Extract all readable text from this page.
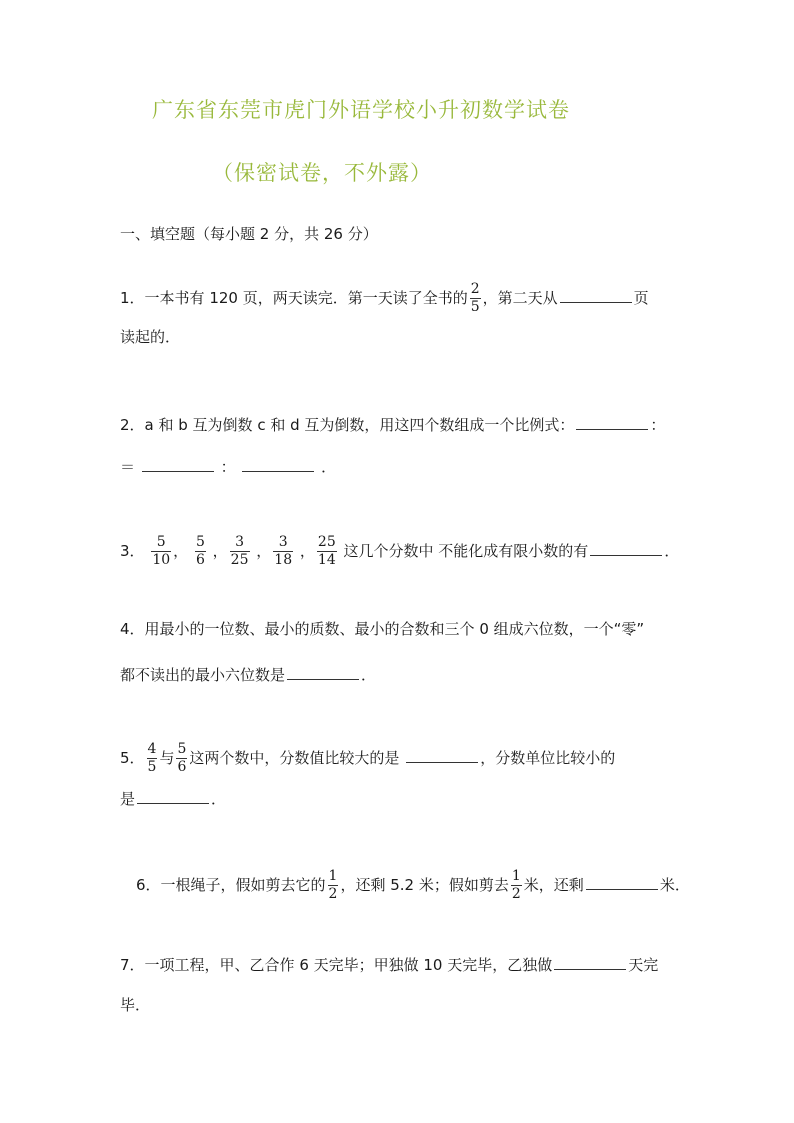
广东省东莞市虎门外语学校小升初数学试卷
（保密试卷，不外露）
一、填空题（每小题 2 分，共 26 分）
1．一本书有 120 页，两天读完．第一天读了全书的 $\frac{2}{5}$ ，第二天从	页
读起的．
2．a 和 b 互为倒数 c 和 d 互为倒数，用这四个数组成一个比例式：	：
＝	：	．
3． $\frac{5}{10}$ ， $\frac{5}{6}$ ， $\frac{3}{25}$ ， $\frac{3}{18}$ ， $\frac{25}{14}$ 这几个分数中 不能化成有限小数的有	．
4．用最小的一位数、最小的质数、最小的合数和三个 0 组成六位数，一个“零”
都不读出的最小六位数是	．
5． $\frac{4}{5}$ 与 $\frac{5}{6}$ 这两个数中，分数值比较大的是	，分数单位比较小的
是	．
6．一根绳子，假如剪去它的 $\frac{1}{2}$ ，还剩 5.2 米；假如剪去 $\frac{1}{2}$ 米，还剩	米．
7．一项工程，甲、乙合作 6 天完毕；甲独做 10 天完毕，乙独做	天完
毕．
